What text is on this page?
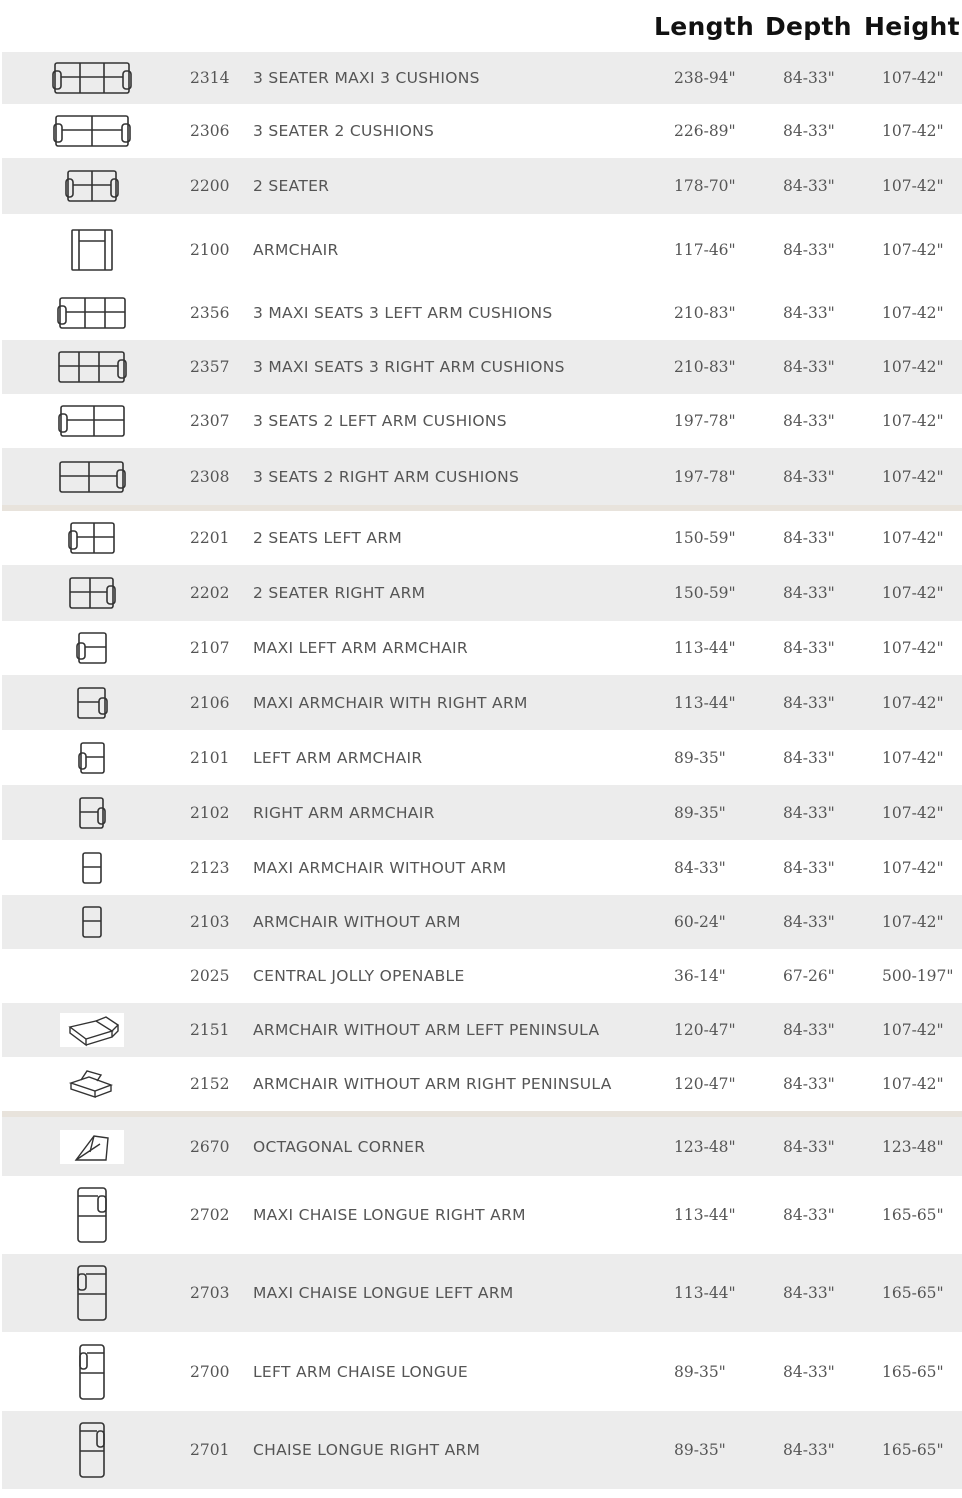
Length Depth Height
2314 3 SEATER MAXI 3 CUSHIONS	238-94"	84-33"	107-42"
2306 3 SEATER 2 CUSHIONS	226-89"	84-33"	107-42"
2200 2 SEATER	178-70"	84-33"	107-42"
2100 ARMCHAIR	117-46"	84-33"	107-42"
2356 3 MAXI SEATS 3 LEFT ARM CUSHIONS	210-83"	84-33"	107-42"
2357 3 MAXI SEATS 3 RIGHT ARM CUSHIONS	210-83"	84-33"	107-42"
2307 3 SEATS 2 LEFT ARM CUSHIONS	197-78"	84-33"	107-42"
2308 3 SEATS 2 RIGHT ARM CUSHIONS	197-78"	84-33"	107-42"
2201 2 SEATS LEFT ARM	150-59"	84-33"	107-42"
2202 2 SEATER RIGHT ARM	150-59"	84-33"	107-42"
2107 MAXI LEFT ARM ARMCHAIR	113-44"	84-33"	107-42"
2106 MAXI ARMCHAIR WITH RIGHT ARM	113-44"	84-33"	107-42"
2101 LEFT ARM ARMCHAIR	89-35"	84-33"	107-42"
2102 RIGHT ARM ARMCHAIR	89-35"	84-33"	107-42"
2123 MAXI ARMCHAIR WITHOUT ARM	84-33"	84-33"	107-42"
2103 ARMCHAIR WITHOUT ARM	60-24"	84-33"	107-42"
2025 CENTRAL JOLLY OPENABLE	36-14"	67-26"	500-197"
2151 ARMCHAIR WITHOUT ARM LEFT PENINSULA	120-47"	84-33"	107-42"
2152 ARMCHAIR WITHOUT ARM RIGHT PENINSULA	120-47"	84-33"	107-42"
2670 OCTAGONAL CORNER	123-48"	84-33"	123-48"
2702 MAXI CHAISE LONGUE RIGHT ARM	113-44"	84-33"	165-65"
2703 MAXI CHAISE LONGUE LEFT ARM	113-44"	84-33"	165-65"
2700 LEFT ARM CHAISE LONGUE	89-35"	84-33"	165-65"
2701 CHAISE LONGUE RIGHT ARM	89-35"	84-33"	165-65"
